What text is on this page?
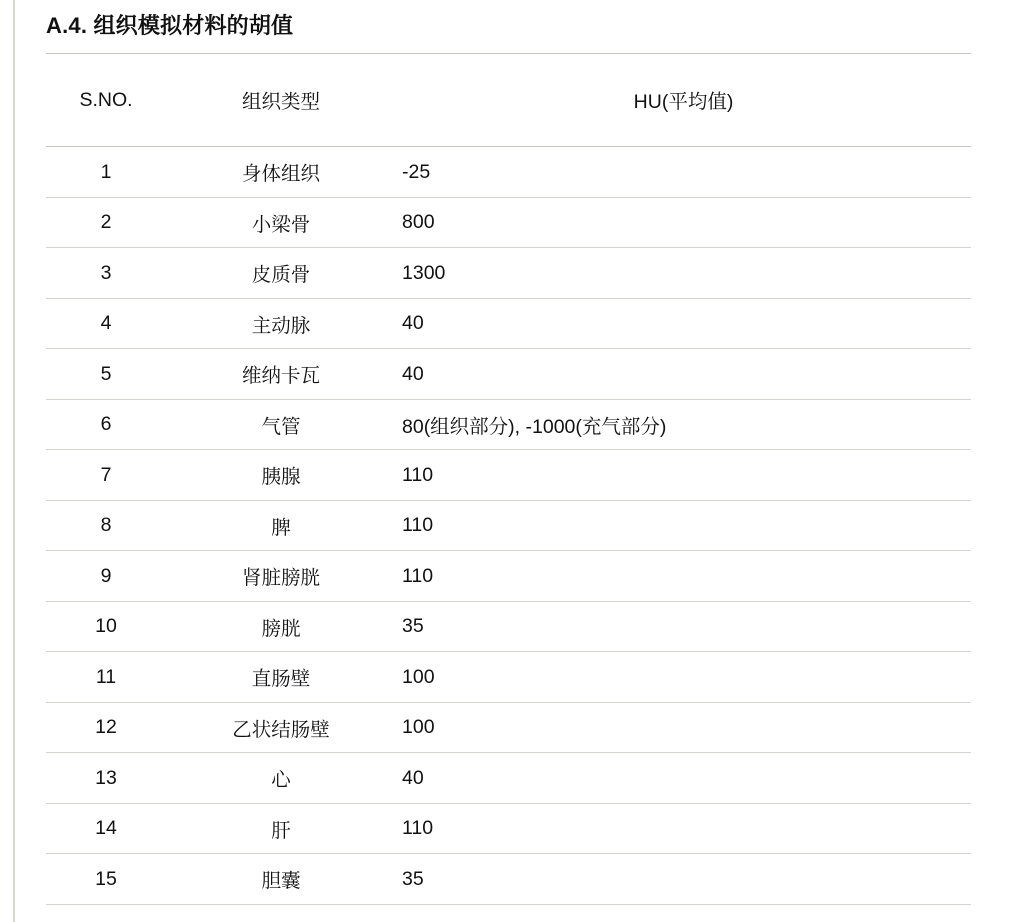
A.4. 组织模拟材料的胡值
S.NO.	组织类型	HU(平均值)
1	身体组织	-25
2	小梁骨	800
3	皮质骨	1300
4	主动脉	40
5	维纳卡瓦	40
6	气管	80(组织部分), -1000(充气部分)
7	胰腺	110
8	脾	110
9	肾脏膀胱	110
10	膀胱	35
11	直肠壁	100
12	乙状结肠壁	100
13	心	40
14	肝	110
15	胆囊	35
